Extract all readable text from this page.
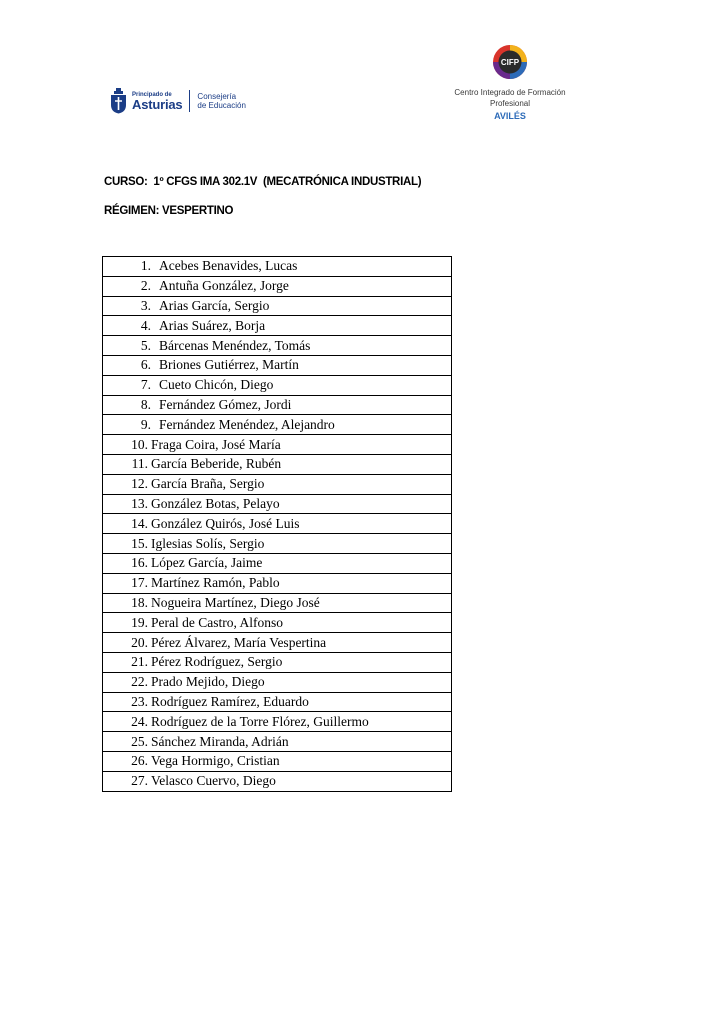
Principado de
Asturias
Consejería
de Educación
CIFP
Centro Integrado de Formación
Profesional
AVILÉS
CURSO:  1º CFGS IMA 302.1V  (MECATRÓNICA INDUSTRIAL)
RÉGIMEN: VESPERTINO
1. Acebes Benavides, Lucas

2. Antuña González, Jorge

3. Arias García, Sergio

4. Arias Suárez, Borja

5. Bárcenas Menéndez, Tomás

6. Briones Gutiérrez, Martín

7. Cueto Chicón, Diego

8. Fernández Gómez, Jordi

9. Fernández Menéndez, Alejandro

10. Fraga Coira, José María

11. García Beberide, Rubén

12. García Braña, Sergio

13. González Botas, Pelayo

14. González Quirós, José Luis

15. Iglesias Solís, Sergio

16. López García, Jaime

17. Martínez Ramón, Pablo

18. Nogueira Martínez, Diego José

19. Peral de Castro, Alfonso

20. Pérez Álvarez, María Vespertina

21. Pérez Rodríguez, Sergio

22. Prado Mejido, Diego

23. Rodríguez Ramírez, Eduardo

24. Rodríguez de la Torre Flórez, Guillermo

25. Sánchez Miranda, Adrián

26. Vega Hormigo, Cristian

27. Velasco Cuervo, Diego
